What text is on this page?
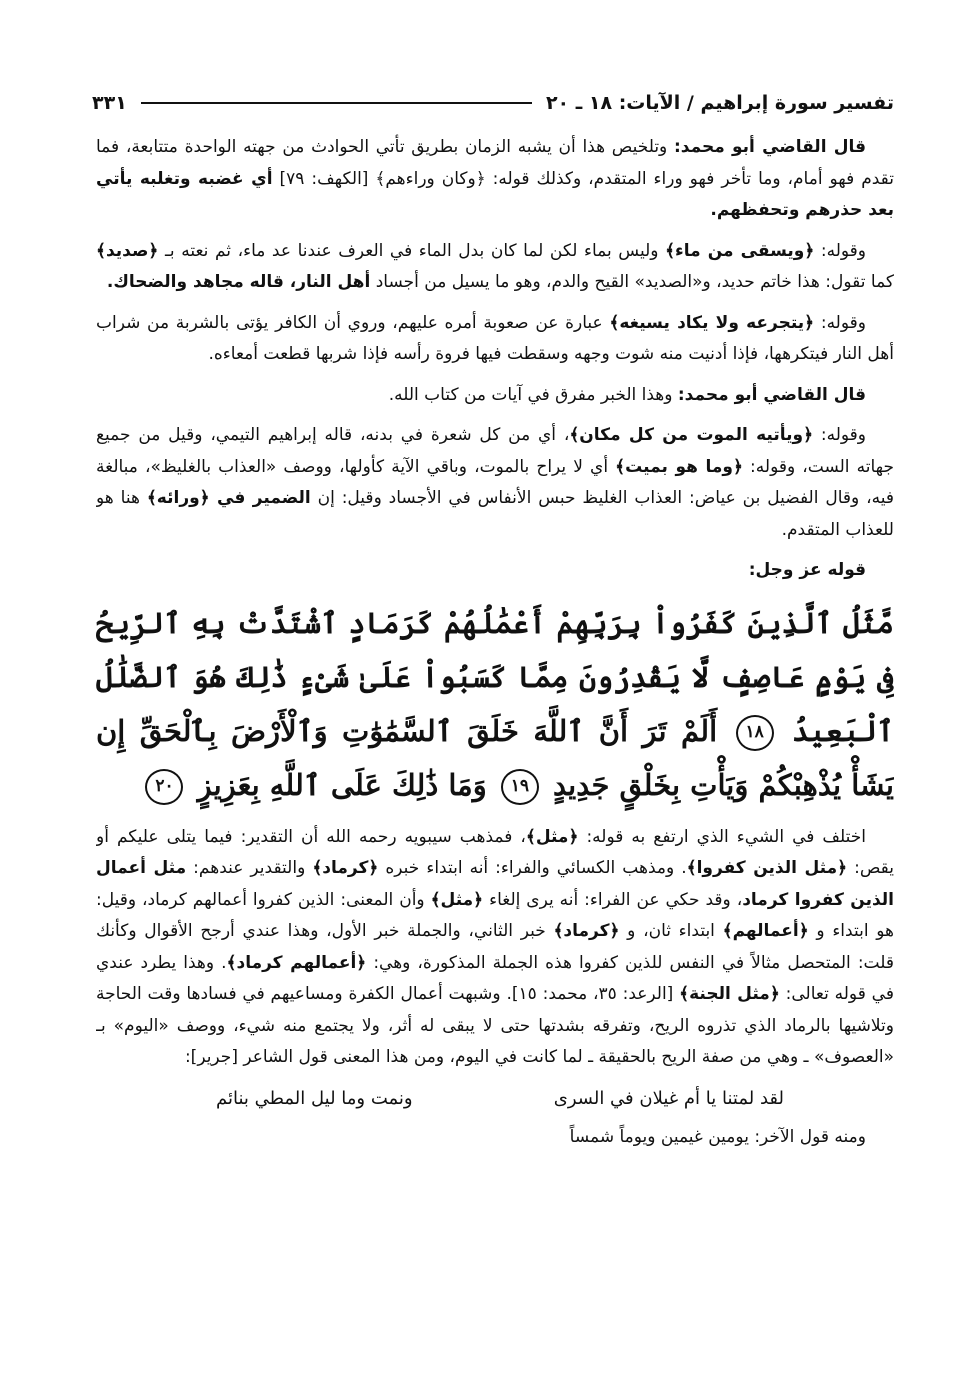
تفسير سورة إبراهيم / الآيات: ١٨ ـ ٢٠
٣٣١

قال القاضي أبو محمد: وتلخيص هذا أن يشبه الزمان بطريق تأتي الحوادث من جهته الواحدة متتابعة، فما تقدم فهو أمام، وما تأخر فهو وراء المتقدم، وكذلك قوله: ﴿وكان وراءهم﴾ [الكهف: ٧٩] أي غضبه وتغلبه يأتي بعد حذرهم وتحفظهم.

وقوله: ﴿ويسقى من ماء﴾ وليس بماء لكن لما كان بدل الماء في العرف عندنا عد ماء، ثم نعته بـ ﴿صديد﴾ كما تقول: هذا خاتم حديد، و«الصديد» القيح والدم، وهو ما يسيل من أجساد أهل النار، قاله مجاهد والضحاك.

وقوله: ﴿يتجرعه ولا يكاد يسيغه﴾ عبارة عن صعوبة أمره عليهم، وروي أن الكافر يؤتى بالشربة من شراب أهل النار فيتكرهها، فإذا أدنيت منه شوت وجهه وسقطت فيها فروة رأسه فإذا شربها قطعت أمعاءه.

قال القاضي أبو محمد: وهذا الخبر مفرق في آيات من كتاب الله.

وقوله: ﴿ويأتيه الموت من كل مكان﴾، أي من كل شعرة في بدنه، قاله إبراهيم التيمي، وقيل من جميع جهاته الست، وقوله: ﴿وما هو بميت﴾ أي لا يراح بالموت، وباقي الآية كأولها، ووصف «العذاب بالغليظ»، مبالغة فيه، وقال الفضيل بن عياض: العذاب الغليظ حبس الأنفاس في الأجساد وقيل: إن الضمير في ﴿ورائه﴾ هنا هو للعذاب المتقدم.

قوله عز وجل:

مَّثَلُ ٱلَّذِينَ كَفَرُواْ بِرَبِّهِمْ أَعْمَٰلُهُمْ كَرَمَادٍ ٱشْتَدَّتْ بِهِ ٱلرِّيحُ فِى يَوْمٍ عَاصِفٍ لَّا يَقْدِرُونَ مِمَّا كَسَبُواْ عَلَىٰ شَىْءٍ ذَٰلِكَ هُوَ ٱلضَّلَٰلُ ٱلْبَعِيدُ ١٨ أَلَمْ تَرَ أَنَّ ٱللَّهَ خَلَقَ ٱلسَّمَٰوَٰتِ وَٱلْأَرْضَ بِٱلْحَقِّ إِن يَشَأْ يُذْهِبْكُمْ وَيَأْتِ بِخَلْقٍ جَدِيدٍ ١٩ وَمَا ذَٰلِكَ عَلَى ٱللَّهِ بِعَزِيزٍ ٢٠

اختلف في الشيء الذي ارتفع به قوله: ﴿مثل﴾، فمذهب سيبويه رحمه الله أن التقدير: فيما يتلى عليكم أو يقص: ﴿مثل الذين كفروا﴾. ومذهب الكسائي والفراء: أنه ابتداء خبره ﴿كرماد﴾ والتقدير عندهم: مثل أعمال الذين كفروا كرماد، وقد حكي عن الفراء: أنه يرى إلغاء ﴿مثل﴾ وأن المعنى: الذين كفروا أعمالهم كرماد، وقيل: هو ابتداء و ﴿أعمالهم﴾ ابتداء ثان، و ﴿كرماد﴾ خبر الثاني، والجملة خبر الأول، وهذا عندي أرجح الأقوال وكأنك قلت: المتحصل مثالاً في النفس للذين كفروا هذه الجملة المذكورة، وهي: ﴿أعمالهم كرماد﴾. وهذا يطرد عندي في قوله تعالى: ﴿مثل الجنة﴾ [الرعد: ٣٥، محمد: ١٥]. وشبهت أعمال الكفرة ومساعيهم في فسادها وقت الحاجة وتلاشيها بالرماد الذي تذروه الريح، وتفرقه بشدتها حتى لا يبقى له أثر، ولا يجتمع منه شيء، ووصف «اليوم» بـ «العصوف» ـ وهي من صفة الريح بالحقيقة ـ لما كانت في اليوم، ومن هذا المعنى قول الشاعر [جرير]:

لقد لمتنا يا أم غيلان في السرى
ونمت وما ليل المطي بنائم

ومنه قول الآخر: يومين غيمين ويوماً شمساً
